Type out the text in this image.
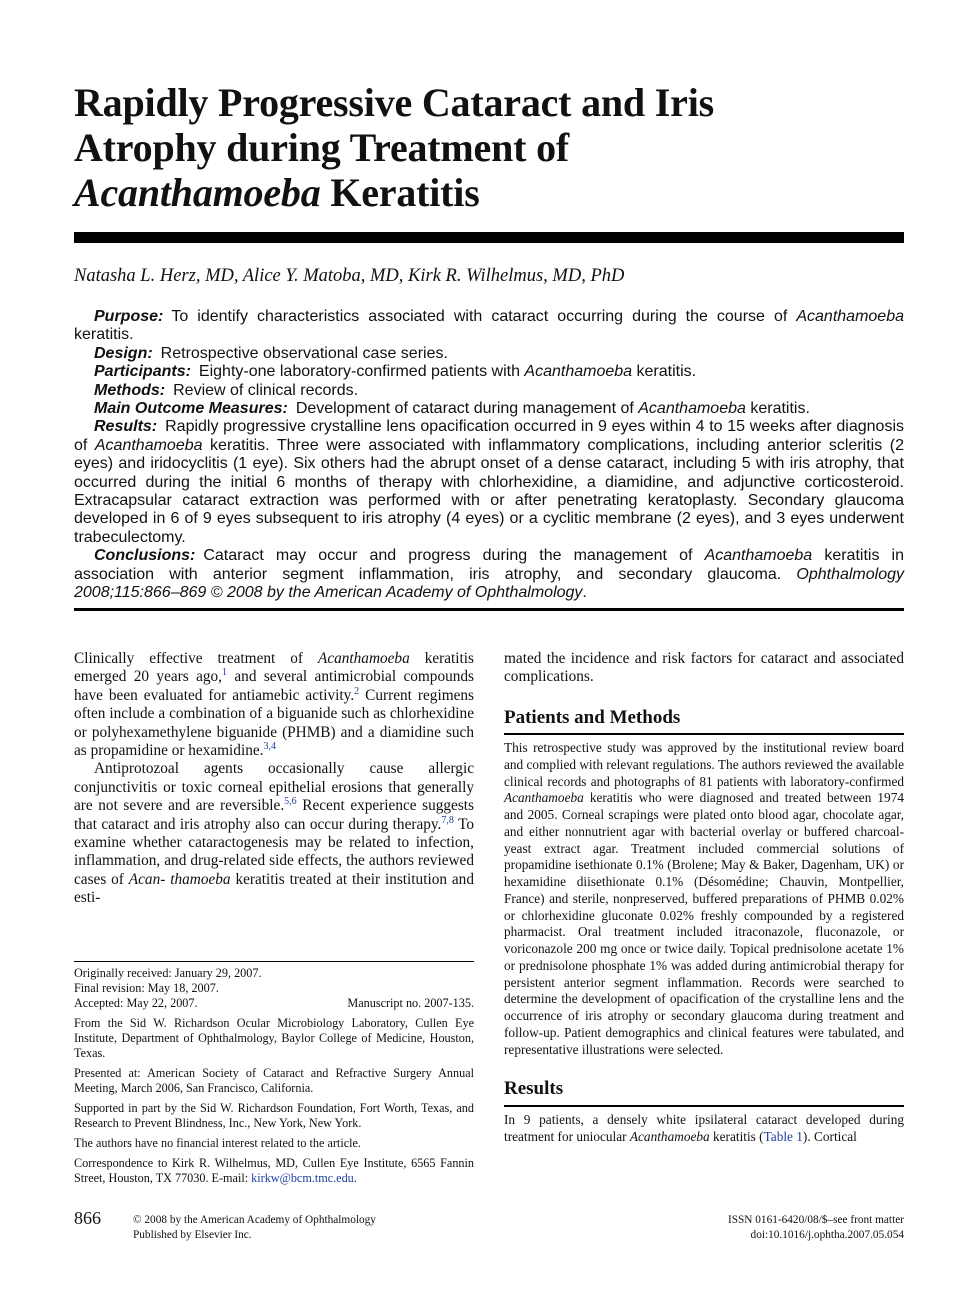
Rapidly Progressive Cataract and Iris
Atrophy during Treatment of
Acanthamoeba Keratitis
Natasha L. Herz, MD, Alice Y. Matoba, MD, Kirk R. Wilhelmus, MD, PhD

Purpose: To identify characteristics associated with cataract occurring during the course of Acanthamoeba keratitis.

Design: Retrospective observational case series.

Participants: Eighty-one laboratory-confirmed patients with Acanthamoeba keratitis.

Methods: Review of clinical records.

Main Outcome Measures: Development of cataract during management of Acanthamoeba keratitis.

Results: Rapidly progressive crystalline lens opacification occurred in 9 eyes within 4 to 15 weeks after diagnosis of Acanthamoeba keratitis. Three were associated with inflammatory complications, including anterior scleritis (2 eyes) and iridocyclitis (1 eye). Six others had the abrupt onset of a dense cataract, including 5 with iris atrophy, that occurred during the initial 6 months of therapy with chlorhexidine, a diamidine, and adjunctive corticosteroid. Extracapsular cataract extraction was performed with or after penetrating keratoplasty. Secondary glaucoma developed in 6 of 9 eyes subsequent to iris atrophy (4 eyes) or a cyclitic membrane (2 eyes), and 3 eyes underwent trabeculectomy.

Conclusions: Cataract may occur and progress during the management of Acanthamoeba keratitis in association with anterior segment inflammation, iris atrophy, and secondary glaucoma. Ophthalmology 2008;115:866–869 © 2008 by the American Academy of Ophthalmology.

Clinically effective treatment of Acanthamoeba keratitis emerged 20 years ago,$^1$ and several antimicrobial compounds have been evaluated for antiamebic activity.$^2$ Current regimens often include a combination of a biguanide such as chlorhexidine or polyhexamethylene biguanide (PHMB) and a diamidine such as propamidine or hexamidine.$^{3,4}$

Antiprotozoal agents occasionally cause allergic conjunctivitis or toxic corneal epithelial erosions that generally are not severe and are reversible.$^{5,6}$ Recent experience suggests that cataract and iris atrophy also can occur during therapy.$^{7,8}$ To examine whether cataractogenesis may be related to infection, inflammation, and drug-related side effects, the authors reviewed cases of Acan- thamoeba keratitis treated at their institution and esti-

Originally received: January 29, 2007.

Final revision: May 18, 2007.

Accepted: May 22, 2007.	Manuscript no. 2007-135.

From the Sid W. Richardson Ocular Microbiology Laboratory, Cullen Eye Institute, Department of Ophthalmology, Baylor College of Medicine, Houston, Texas.

Presented at: American Society of Cataract and Refractive Surgery Annual Meeting, March 2006, San Francisco, California.

Supported in part by the Sid W. Richardson Foundation, Fort Worth, Texas, and Research to Prevent Blindness, Inc., New York, New York.

The authors have no financial interest related to the article.

Correspondence to Kirk R. Wilhelmus, MD, Cullen Eye Institute, 6565 Fannin Street, Houston, TX 77030. E-mail: kirkw@bcm.tmc.edu.

mated the incidence and risk factors for cataract and associated complications.

Patients and Methods

This retrospective study was approved by the institutional review board and complied with relevant regulations. The authors reviewed the available clinical records and photographs of 81 patients with laboratory-confirmed Acanthamoeba keratitis who were diagnosed and treated between 1974 and 2005. Corneal scrapings were plated onto blood agar, chocolate agar, and either nonnutrient agar with bacterial overlay or buffered charcoal-yeast extract agar. Treatment included commercial solutions of propamidine isethionate 0.1% (Brolene; May & Baker, Dagenham, UK) or hexamidine diisethionate 0.1% (Désomédine; Chauvin, Montpellier, France) and sterile, nonpreserved, buffered preparations of PHMB 0.02% or chlorhexidine gluconate 0.02% freshly compounded by a registered pharmacist. Oral treatment included itraconazole, fluconazole, or voriconazole 200 mg once or twice daily. Topical prednisolone acetate 1% or prednisolone phosphate 1% was added during antimicrobial therapy for persistent anterior segment inflammation. Records were searched to determine the development of opacification of the crystalline lens and the occurrence of iris atrophy or secondary glaucoma during treatment and follow-up. Patient demographics and clinical features were tabulated, and representative illustrations were selected.

Results

In 9 patients, a densely white ipsilateral cataract developed during treatment for uniocular Acanthamoeba keratitis (Table 1). Cortical

866	© 2008 by the American Academy of Ophthalmology
Published by Elsevier Inc.
ISSN 0161-6420/08/$–see front matter
doi:10.1016/j.ophtha.2007.05.054
